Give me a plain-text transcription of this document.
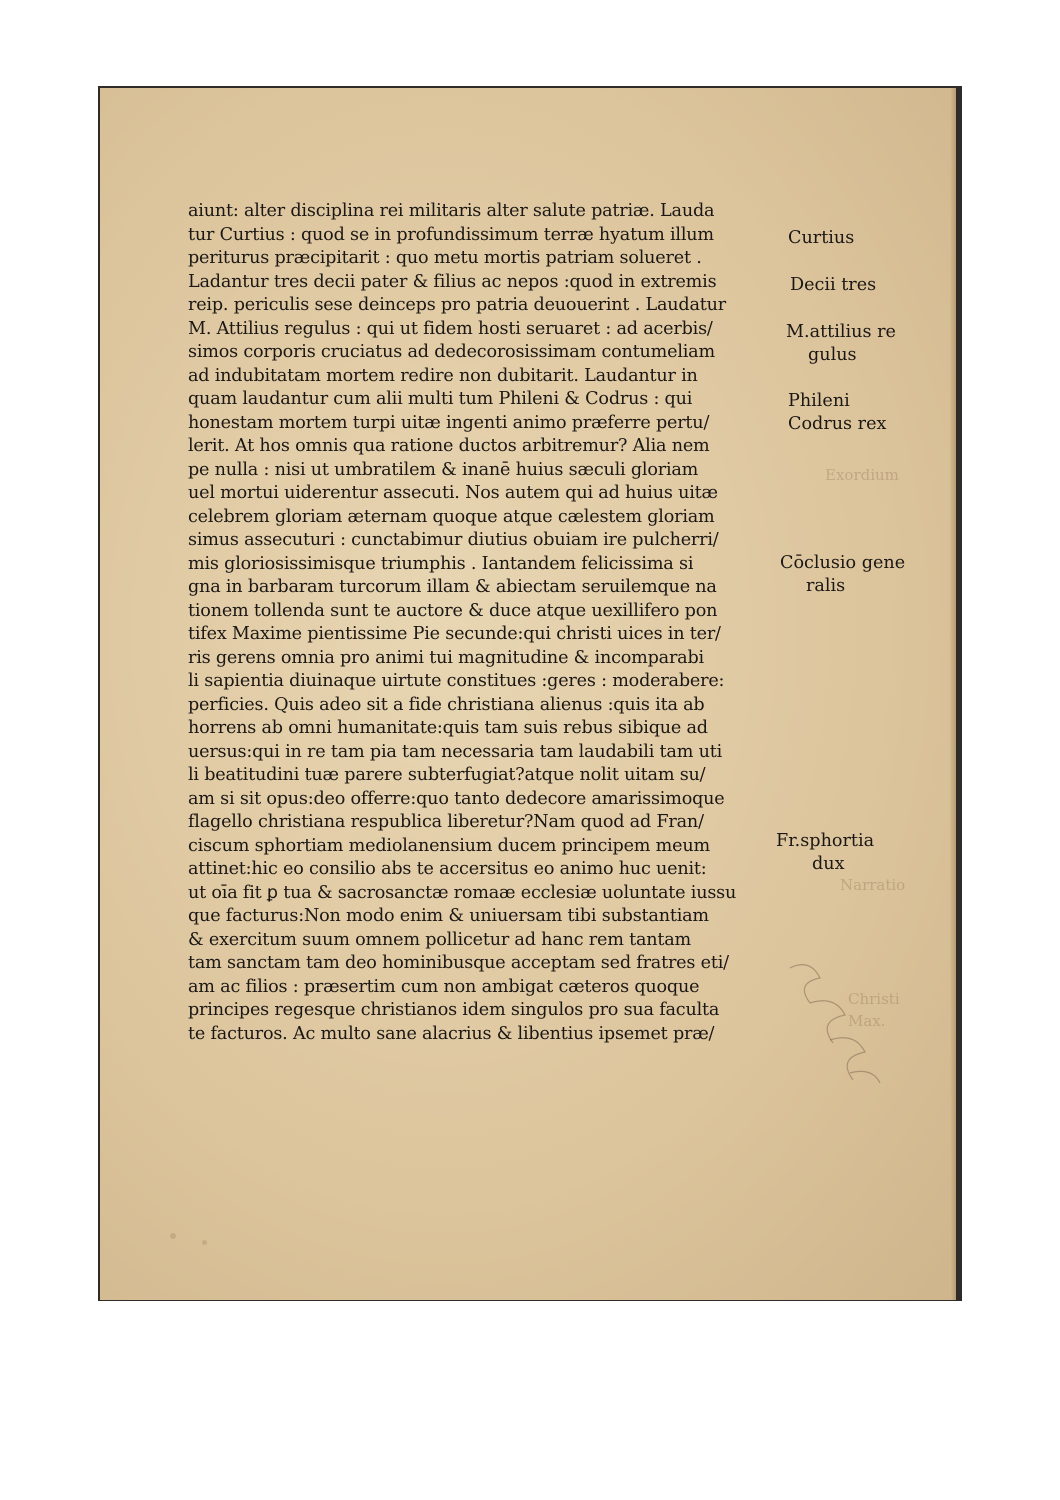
Exordium
Narratio
Christi
Max.
aiunt: alter disciplina rei militaris alter salute patriæ. Lauda
tur Curtius : quod se in profundissimum terræ hyatum illum
periturus præcipitarit : quo metu mortis patriam solueret .
Ladantur tres decii pater & filius ac nepos :quod in extremis
reip. periculis sese deinceps pro patria deuouerint . Laudatur
M. Attilius regulus : qui ut fidem hosti seruaret : ad acerbis/
simos corporis cruciatus ad dedecorosissimam contumeliam
ad indubitatam mortem redire non dubitarit. Laudantur in
quam laudantur cum alii multi tum Phileni & Codrus : qui
honestam mortem turpi uitæ ingenti animo præferre pertu/
lerit. At hos omnis qua ratione ductos arbitremur? Alia nem
pe nulla : nisi ut umbratilem & inanē huius sæculi gloriam
uel mortui uiderentur assecuti. Nos autem qui ad huius uitæ
celebrem gloriam æternam quoque atque cælestem gloriam
simus assecuturi : cunctabimur diutius obuiam ire pulcherri/
mis gloriosissimisque triumphis . Iantandem felicissima si
gna in barbaram turcorum illam & abiectam seruilemque na
tionem tollenda sunt te auctore & duce atque uexillifero pon
tifex Maxime pientissime Pie secunde:qui christi uices in ter/
ris gerens omnia pro animi tui magnitudine & incomparabi
li sapientia diuinaque uirtute constitues :geres : moderabere:
perficies. Quis adeo sit a fide christiana alienus :quis ita ab
horrens ab omni humanitate:quis tam suis rebus sibique ad
uersus:qui in re tam pia tam necessaria tam laudabili tam uti
li beatitudini tuæ parere subterfugiat?atque nolit uitam su/
am si sit opus:deo offerre:quo tanto dedecore amarissimoque
flagello christiana respublica liberetur?Nam quod ad Fran/
ciscum sphortiam mediolanensium ducem principem meum
attinet:hic eo consilio abs te accersitus eo animo huc uenit:
ut oīa fit ꝑ tua & sacrosanctæ romaæ ecclesiæ uoluntate iussu
que facturus:Non modo enim & uniuersam tibi substantiam
& exercitum suum omnem pollicetur ad hanc rem tantam
tam sanctam tam deo hominibusque acceptam sed fratres eti/
am ac filios : præsertim cum non ambigat cæteros quoque
principes regesque christianos idem singulos pro sua faculta
te facturos. Ac multo sane alacrius & libentius ipsemet præ/
Curtius
Decii tres
M.attilius re
gulus
Phileni
Codrus rex
Cōclusio gene
ralis
Fr.sphortia
dux
